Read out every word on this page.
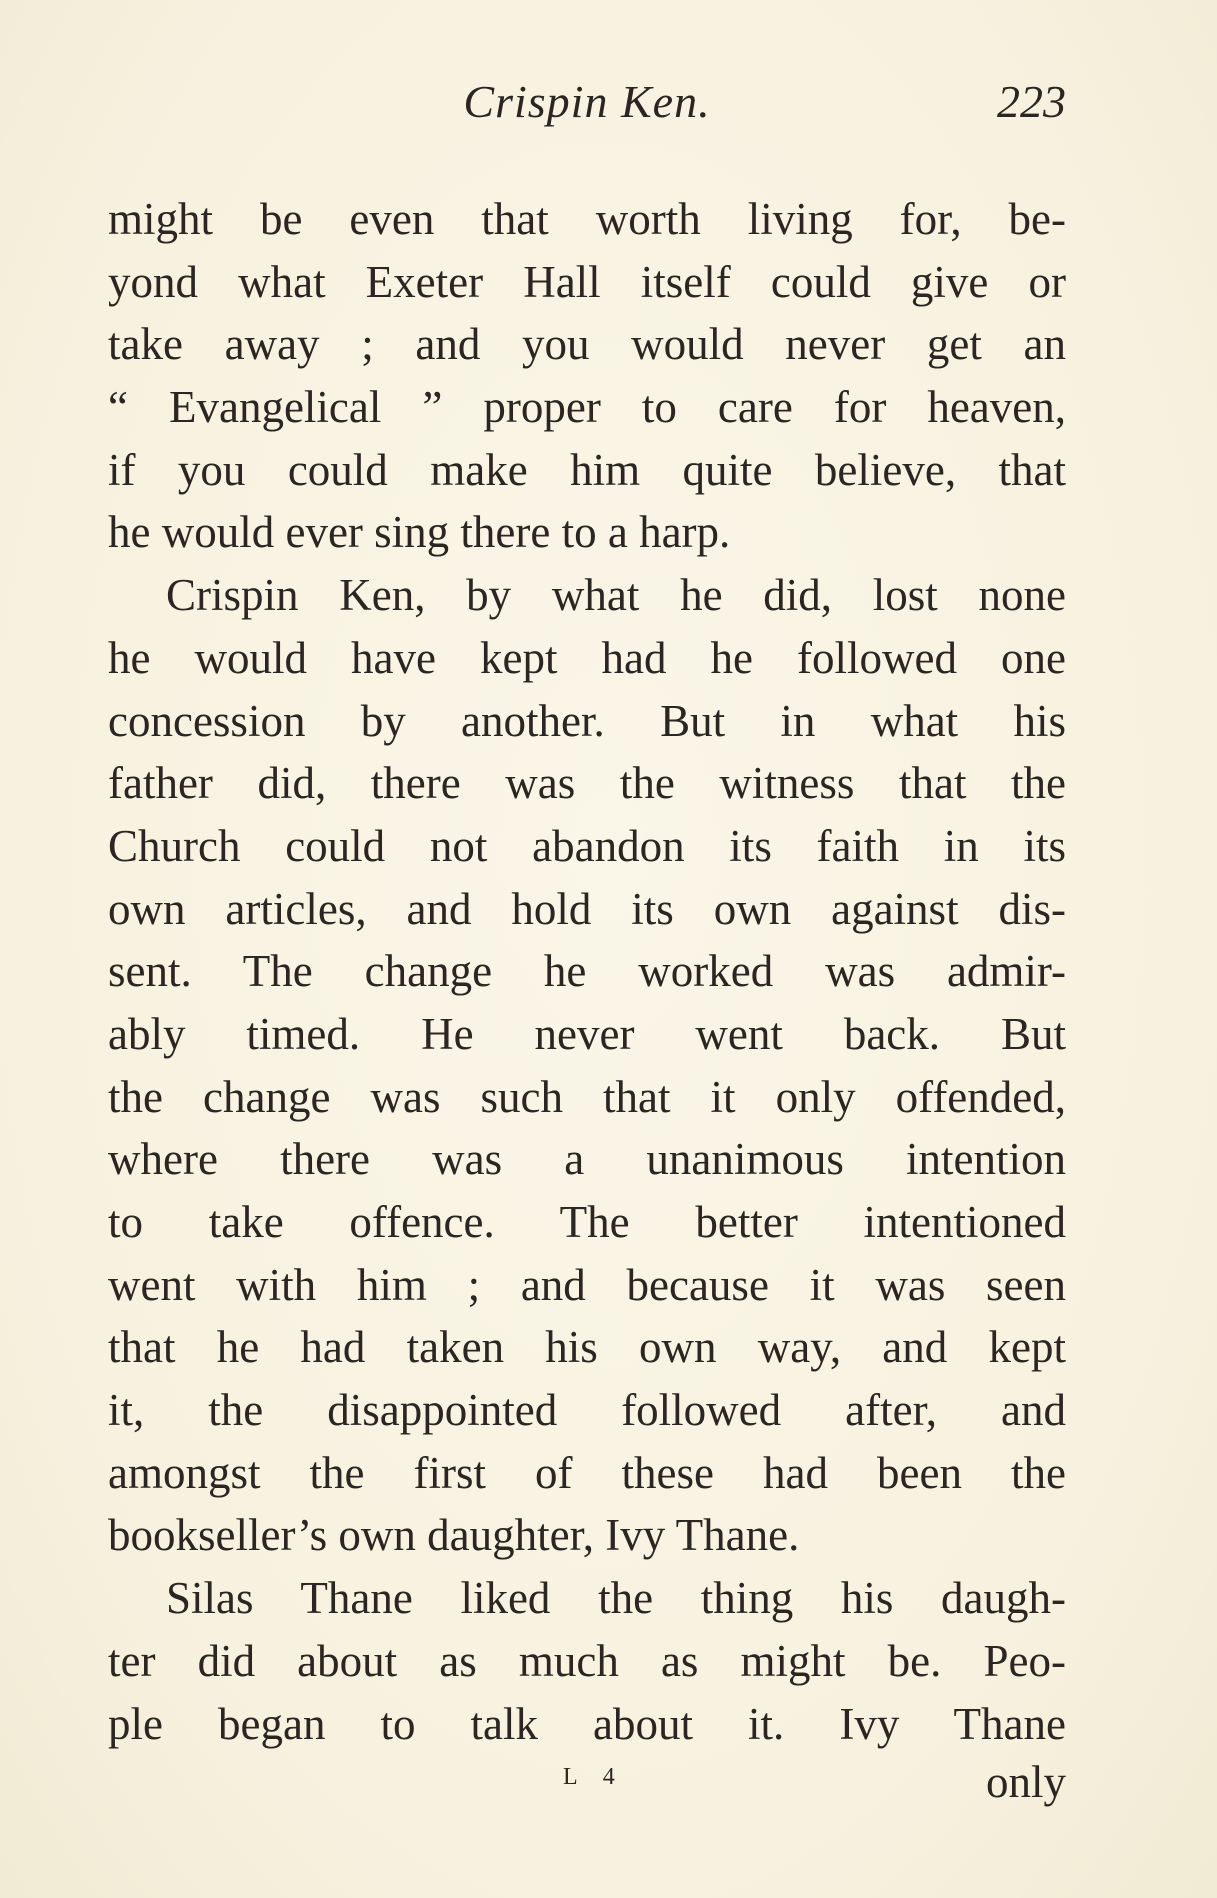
Crispin Ken.	223
might be even that worth living for, be-
yond what Exeter Hall itself could give or
take away ; and you would never get an
“ Evangelical ” proper to care for heaven,
if you could make him quite believe, that
he would ever sing there to a harp.
Crispin Ken, by what he did, lost none
he would have kept had he followed one
concession by another. But in what his
father did, there was the witness that the
Church could not abandon its faith in its
own articles, and hold its own against dis-
sent. The change he worked was admir-
ably timed. He never went back. But
the change was such that it only offended,
where there was a unanimous intention
to take offence. The better intentioned
went with him ; and because it was seen
that he had taken his own way, and kept
it, the disappointed followed after, and
amongst the first of these had been the
bookseller’s own daughter, Ivy Thane.
Silas Thane liked the thing his daugh-
ter did about as much as might be. Peo-
ple began to talk about it. Ivy Thane
L 4	only
